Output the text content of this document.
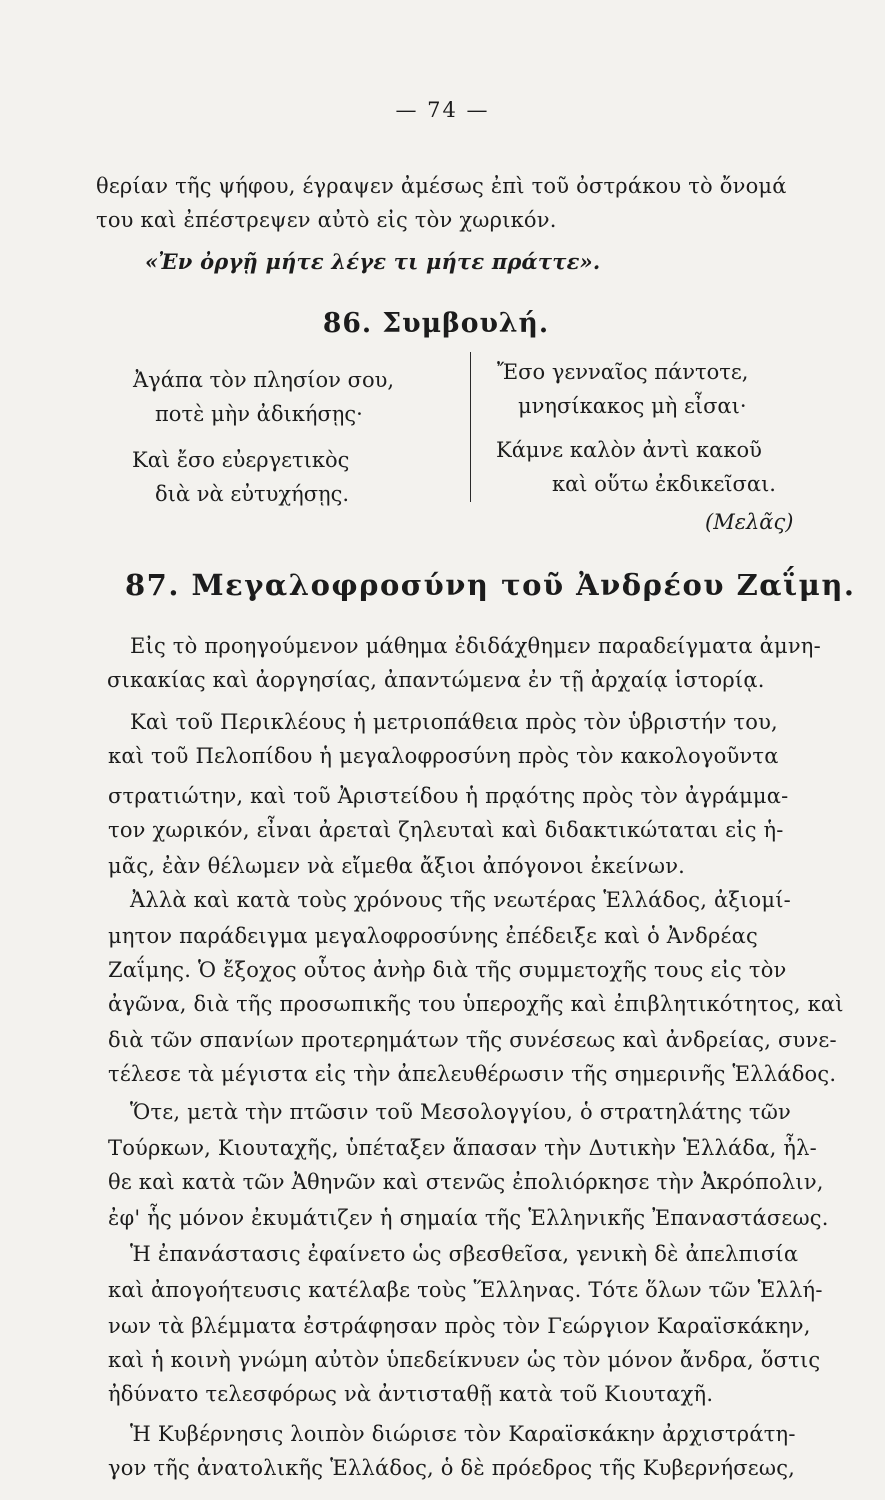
— 74 —
θερίαν τῆς ψήφου, έγραψεν ἀμέσως ἐπὶ τοῦ ὀστράκου τὸ ὄνομά
του καὶ ἐπέστρεψεν αὐτὸ εἰς τὸν χωρικόν.
«Ἐν ὀργῇ μήτε λέγε τι μήτε πράττε».
86. Συμβουλή.
Ἀγάπα τὸν πλησίον σου,
ποτὲ μὴν ἀδικήσῃς·
Καὶ ἔσο εὐεργετικὸς
διὰ νὰ εὐτυχήσῃς.
Ἔσο γενναῖος πάντοτε,
μνησίκακος μὴ εἶσαι·
Κάμνε καλὸν ἀντὶ κακοῦ
καὶ οὕτω ἐκδικεῖσαι.
(Μελᾶς)
87. Μεγαλοφροσύνη τοῦ Ἀνδρέου Ζαΐμη.
Εἰς τὸ προηγούμενον μάθημα ἐδιδάχθημεν παραδείγματα ἀμνη-
σικακίας καὶ ἀοργησίας, ἀπαντώμενα ἐν τῇ ἀρχαίᾳ ἱστορίᾳ.
Καὶ τοῦ Περικλέους ἡ μετριοπάθεια πρὸς τὸν ὑβριστήν του,
καὶ τοῦ Πελοπίδου ἡ μεγαλοφροσύνη πρὸς τὸν κακολογοῦντα
στρατιώτην, καὶ τοῦ Ἀριστείδου ἡ πρᾳότης πρὸς τὸν ἀγράμμα-
τον χωρικόν, εἶναι ἀρεταὶ ζηλευταὶ καὶ διδακτικώταται εἰς ἡ-
μᾶς, ἐὰν θέλωμεν νὰ εἴμεθα ἄξιοι ἀπόγονοι ἐκείνων.
Ἀλλὰ καὶ κατὰ τοὺς χρόνους τῆς νεωτέρας Ἑλλάδος, ἀξιομί-
μητον παράδειγμα μεγαλοφροσύνης ἐπέδειξε καὶ ὁ Ἀνδρέας
Ζαΐμης. Ὁ ἔξοχος οὗτος ἀνὴρ διὰ τῆς συμμετοχῆς τους εἰς τὸν
ἀγῶνα, διὰ τῆς προσωπικῆς του ὑπεροχῆς καὶ ἐπιβλητικότητος, καὶ
διὰ τῶν σπανίων προτερημάτων τῆς συνέσεως καὶ ἀνδρείας, συνε-
τέλεσε τὰ μέγιστα εἰς τὴν ἀπελευθέρωσιν τῆς σημερινῆς Ἑλλάδος.
Ὅτε, μετὰ τὴν πτῶσιν τοῦ Μεσολογγίου, ὁ στρατηλάτης τῶν
Τούρκων, Κιουταχῆς, ὑπέταξεν ἅπασαν τὴν Δυτικὴν Ἑλλάδα, ἦλ-
θε καὶ κατὰ τῶν Ἀθηνῶν καὶ στενῶς ἐπολιόρκησε τὴν Ἀκρόπολιν,
ἐφ' ἧς μόνον ἐκυμάτιζεν ἡ σημαία τῆς Ἑλληνικῆς Ἐπαναστάσεως.
Ἡ ἐπανάστασις ἐφαίνετο ὡς σβεσθεῖσα, γενικὴ δὲ ἀπελπισία
καὶ ἀπογοήτευσις κατέλαβε τοὺς Ἕλληνας. Τότε ὅλων τῶν Ἑλλή-
νων τὰ βλέμματα ἐστράφησαν πρὸς τὸν Γεώργιον Καραϊσκάκην,
καὶ ἡ κοινὴ γνώμη αὐτὸν ὑπεδείκνυεν ὡς τὸν μόνον ἄνδρα, ὅστις
ἠδύνατο τελεσφόρως νὰ ἀντισταθῇ κατὰ τοῦ Κιουταχῆ.
Ἡ Κυβέρνησις λοιπὸν διώρισε τὸν Καραϊσκάκην ἀρχιστράτη-
γον τῆς ἀνατολικῆς Ἑλλάδος, ὁ δὲ πρόεδρος τῆς Κυβερνήσεως,
